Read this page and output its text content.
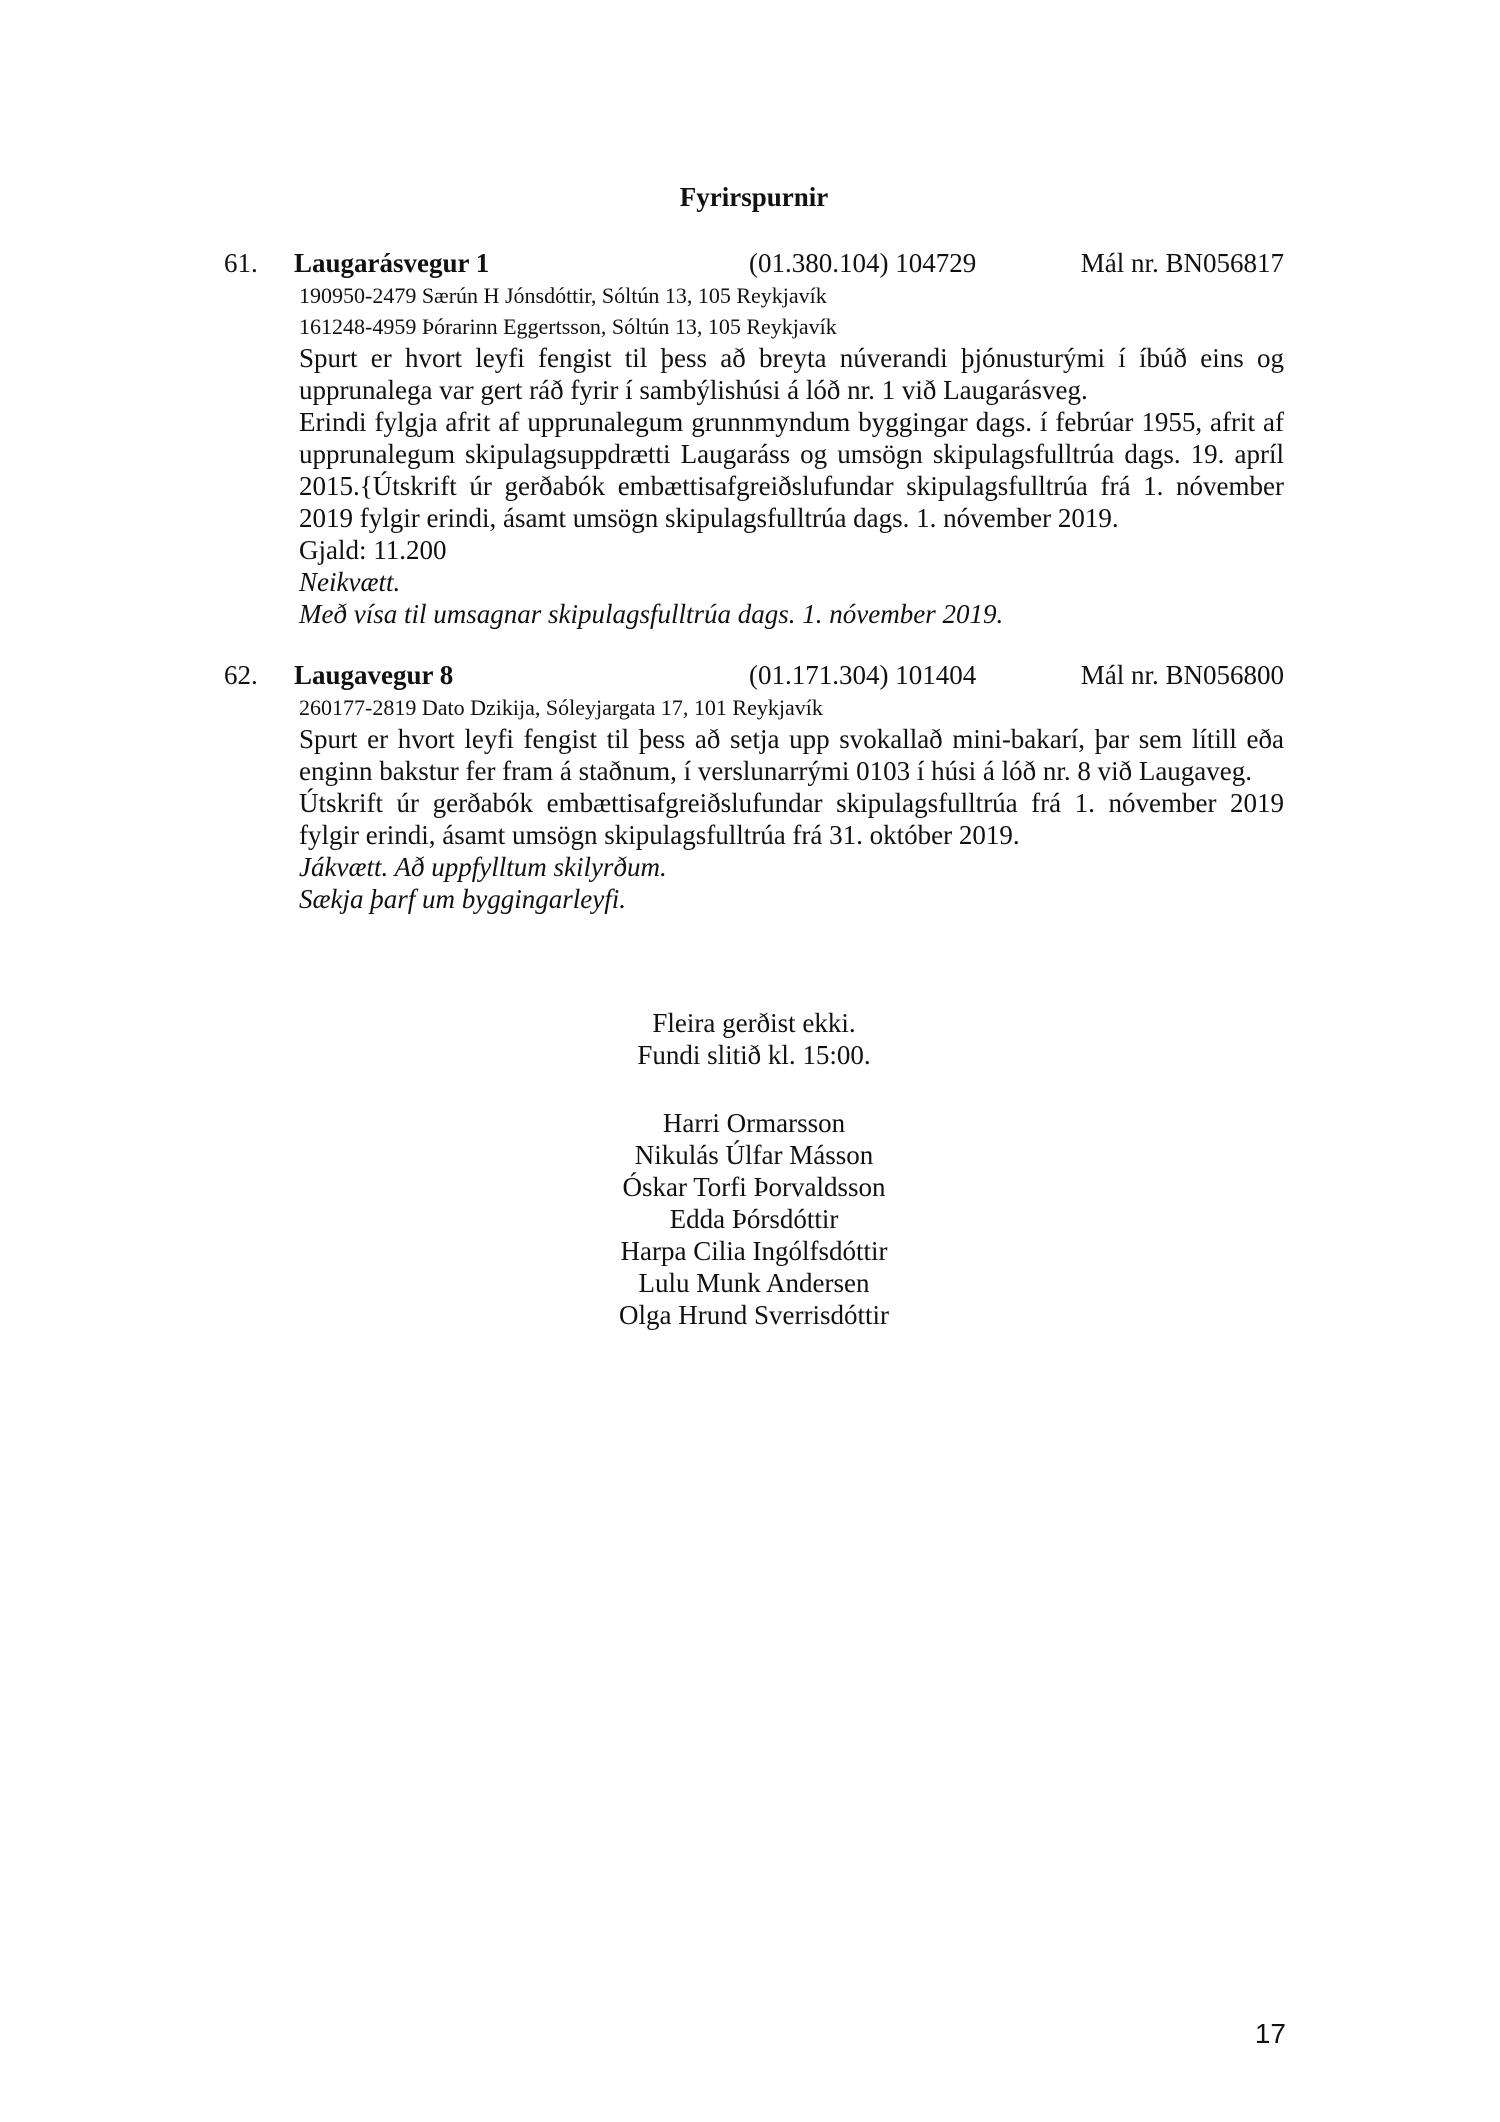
Fyrirspurnir
61. Laugarásvegur 1	(01.380.104) 104729	Mál nr. BN056817
190950-2479 Særún H Jónsdóttir, Sóltún 13, 105 Reykjavík
161248-4959 Þórarinn Eggertsson, Sóltún 13, 105 Reykjavík

Spurt er hvort leyfi fengist til þess að breyta núverandi þjónusturými í íbúð eins og upprunalega var gert ráð fyrir í sambýlishúsi á lóð nr. 1 við Laugarásveg.

Erindi fylgja afrit af upprunalegum grunnmyndum byggingar dags. í febrúar 1955, afrit af upprunalegum skipulagsuppdrætti Laugaráss og umsögn skipulagsfulltrúa dags. 19. apríl 2015.{Útskrift úr gerðabók embættisafgreiðslufundar skipulagsfulltrúa frá 1. nóvember 2019 fylgir erindi, ásamt umsögn skipulagsfulltrúa dags. 1. nóvember 2019.

Gjald: 11.200

Neikvætt.

Með vísa til umsagnar skipulagsfulltrúa dags. 1. nóvember 2019.

62. Laugavegur 8	(01.171.304) 101404	Mál nr. BN056800
260177-2819 Dato Dzikija, Sóleyjargata 17, 101 Reykjavík

Spurt er hvort leyfi fengist til þess að setja upp svokallað mini-bakarí, þar sem lítill eða enginn bakstur fer fram á staðnum, í verslunarrými 0103 í húsi á lóð nr. 8 við Laugaveg.

Útskrift úr gerðabók embættisafgreiðslufundar skipulagsfulltrúa frá 1. nóvember 2019 fylgir erindi, ásamt umsögn skipulagsfulltrúa frá 31. október 2019.

Jákvætt. Að uppfylltum skilyrðum.

Sækja þarf um byggingarleyfi.

Fleira gerðist ekki.

Fundi slitið kl. 15:00.

Harri Ormarsson
Nikulás Úlfar Másson
Óskar Torfi Þorvaldsson
Edda Þórsdóttir
Harpa Cilia Ingólfsdóttir
Lulu Munk Andersen
Olga Hrund Sverrisdóttir
17
